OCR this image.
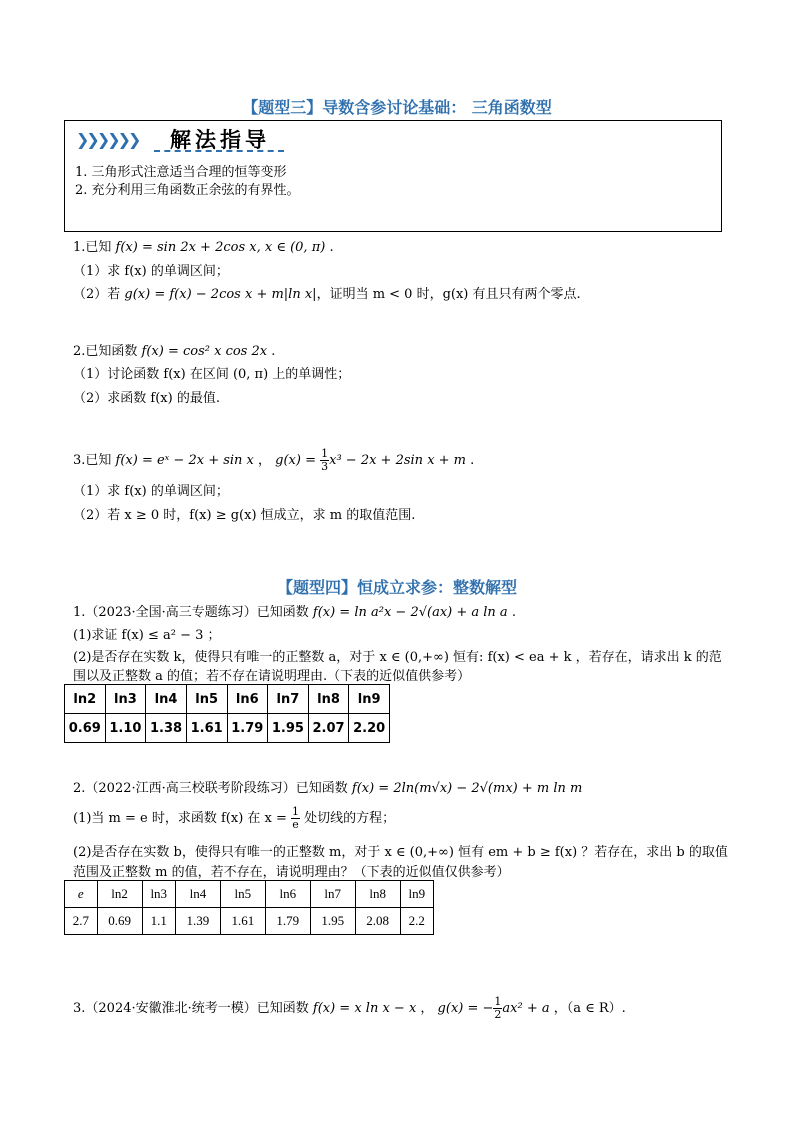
【题型三】导数含参讨论基础： 三角函数型
❯❯❯❯❯❯ 解法指导
1. 三角形式注意适当合理的恒等变形
2. 充分利用三角函数正余弦的有界性。
1.已知 f(x) = sin 2x + 2cos x, x ∈ (0, π) .
（1）求 f(x) 的单调区间；
（2）若 g(x) = f(x) − 2cos x + m|ln x|，证明当 m < 0 时，g(x) 有且只有两个零点.
2.已知函数 f(x) = cos² x cos 2x .
（1）讨论函数 f(x) 在区间 (0, π) 上的单调性；
（2）求函数 f(x) 的最值.
3.已知 f(x) = eˣ − 2x + sin x ， $g(x) = \frac{1}{3} x^3 - 2x + 2\sin$ x + m .
（1）求 f(x) 的单调区间；
（2）若 x ≥ 0 时，f(x) ≥ g(x) 恒成立，求 m 的取值范围.
【题型四】恒成立求参：整数解型
1.（2023·全国·高三专题练习）已知函数 f(x) = ln a²x − 2√(ax) + a ln a .
(1)求证 f(x) ≤ a² − 3 ；
(2)是否存在实数 k，使得只有唯一的正整数 a，对于 x ∈ (0,+∞) 恒有: f(x) < ea + k ，若存在，请求出 k 的范
围以及正整数 a 的值；若不存在请说明理由.（下表的近似值供参考）
ln2	ln3	ln4	ln5	ln6	ln7	ln8	ln9
0.69	1.10	1.38	1.61	1.79	1.95	2.07	2.20
2.（2022·江西·高三校联考阶段练习）已知函数 f(x) = 2ln(m√x) − 2√(mx) + m ln m
(1)当 m = e 时，求函数 f(x) 在 $x = \frac{1}{e}$ 处切线的方程；
(2)是否存在实数 b，使得只有唯一的正整数 m，对于 x ∈ (0,+∞) 恒有 em + b ≥ f(x) ？若存在，求出 b 的取值
范围及正整数 m 的值，若不存在，请说明理由？（下表的近似值仅供参考）
e	ln2	ln3	ln4	ln5	ln6	ln7	ln8	ln9
2.7	0.69	1.1	1.39	1.61	1.79	1.95	2.08	2.2
3.（2024·安徽淮北·统考一模）已知函数 f(x) = x ln x − x ， g(x) = − $\frac{1}{2} ax^2 + a$ ，（a ∈ R）.
